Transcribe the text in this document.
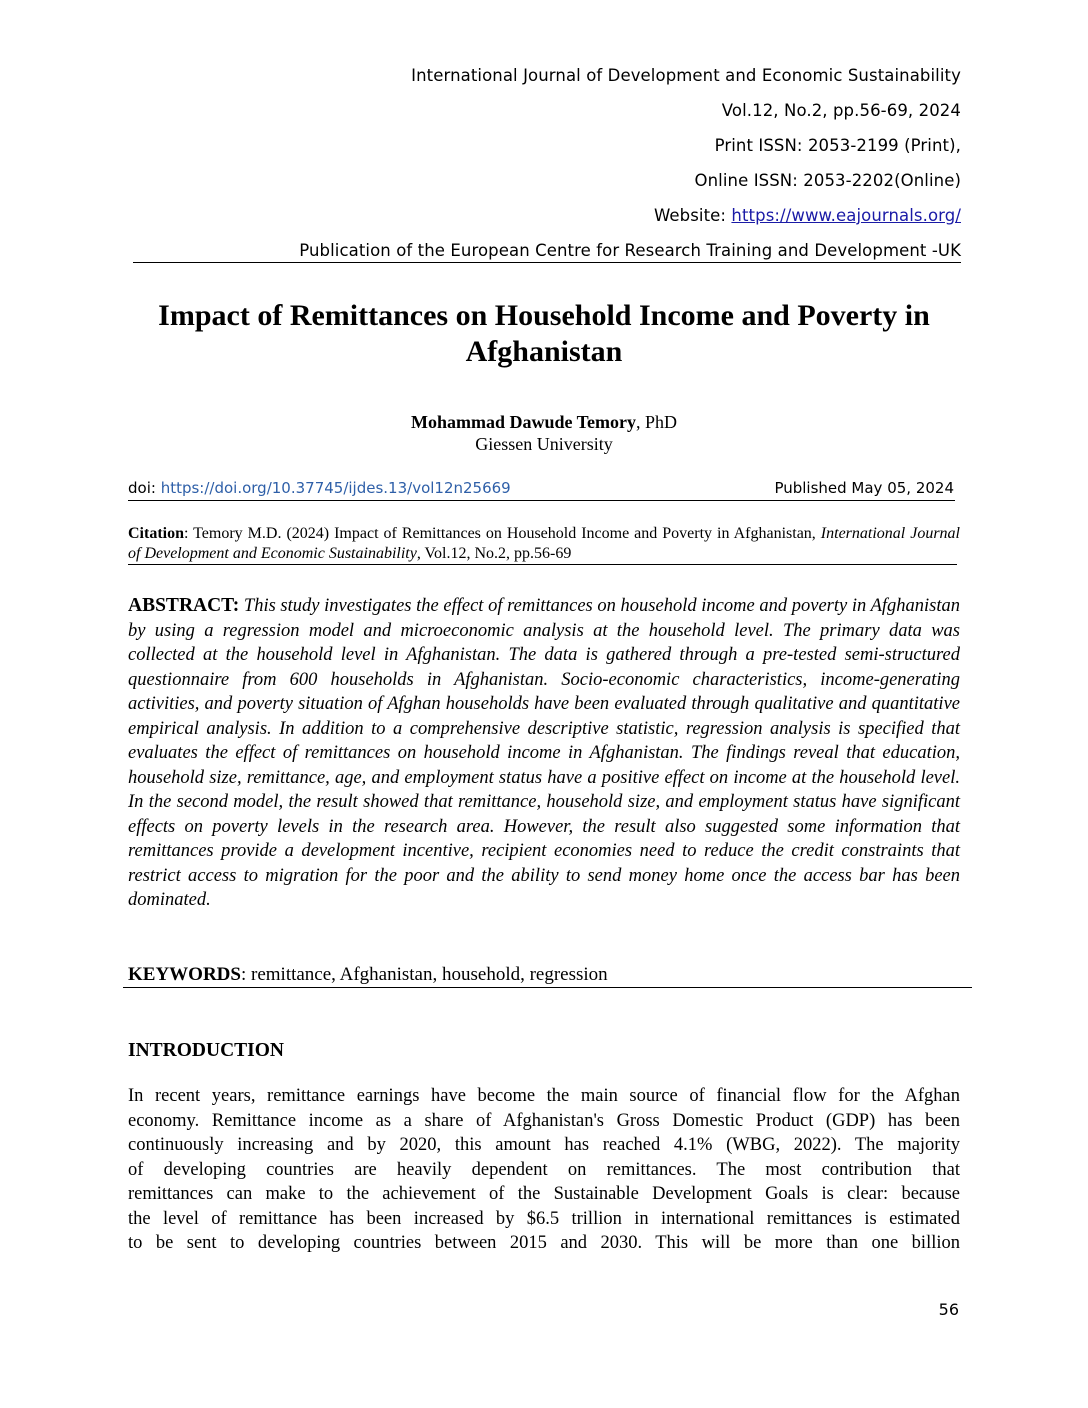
International Journal of Development and Economic Sustainability
Vol.12, No.2, pp.56-69, 2024
Print ISSN: 2053-2199 (Print),
Online ISSN: 2053-2202(Online)
Website: https://www.eajournals.org/
Publication of the European Centre for Research Training and Development -UK
Impact of Remittances on Household Income and Poverty in
Afghanistan
Mohammad Dawude Temory, PhD
Giessen University
doi: https://doi.org/10.37745/ijdes.13/vol12n25669	Published May 05, 2024
Citation: Temory M.D. (2024) Impact of Remittances on Household Income and Poverty in Afghanistan, International Journal of Development and Economic Sustainability, Vol.12, No.2, pp.56-69
ABSTRACT: This study investigates the effect of remittances on household income and poverty in Afghanistan by using a regression model and microeconomic analysis at the household level. The primary data was collected at the household level in Afghanistan. The data is gathered through a pre-tested semi-structured questionnaire from 600 households in Afghanistan. Socio-economic characteristics, income-generating activities, and poverty situation of Afghan households have been evaluated through qualitative and quantitative empirical analysis. In addition to a comprehensive descriptive statistic, regression analysis is specified that evaluates the effect of remittances on household income in Afghanistan. The findings reveal that education, household size, remittance, age, and employment status have a positive effect on income at the household level. In the second model, the result showed that remittance, household size, and employment status have significant effects on poverty levels in the research area. However, the result also suggested some information that remittances provide a development incentive, recipient economies need to reduce the credit constraints that restrict access to migration for the poor and the ability to send money home once the access bar has been dominated.
KEYWORDS: remittance, Afghanistan, household, regression
INTRODUCTION
In recent years, remittance earnings have become the main source of financial flow for the Afghan
economy. Remittance income as a share of Afghanistan's Gross Domestic Product (GDP) has been
continuously increasing and by 2020, this amount has reached 4.1% (WBG, 2022). The majority
of developing countries are heavily dependent on remittances. The most contribution that
remittances can make to the achievement of the Sustainable Development Goals is clear: because
the level of remittance has been increased by $6.5 trillion in international remittances is estimated
to be sent to developing countries between 2015 and 2030. This will be more than one billion
56
